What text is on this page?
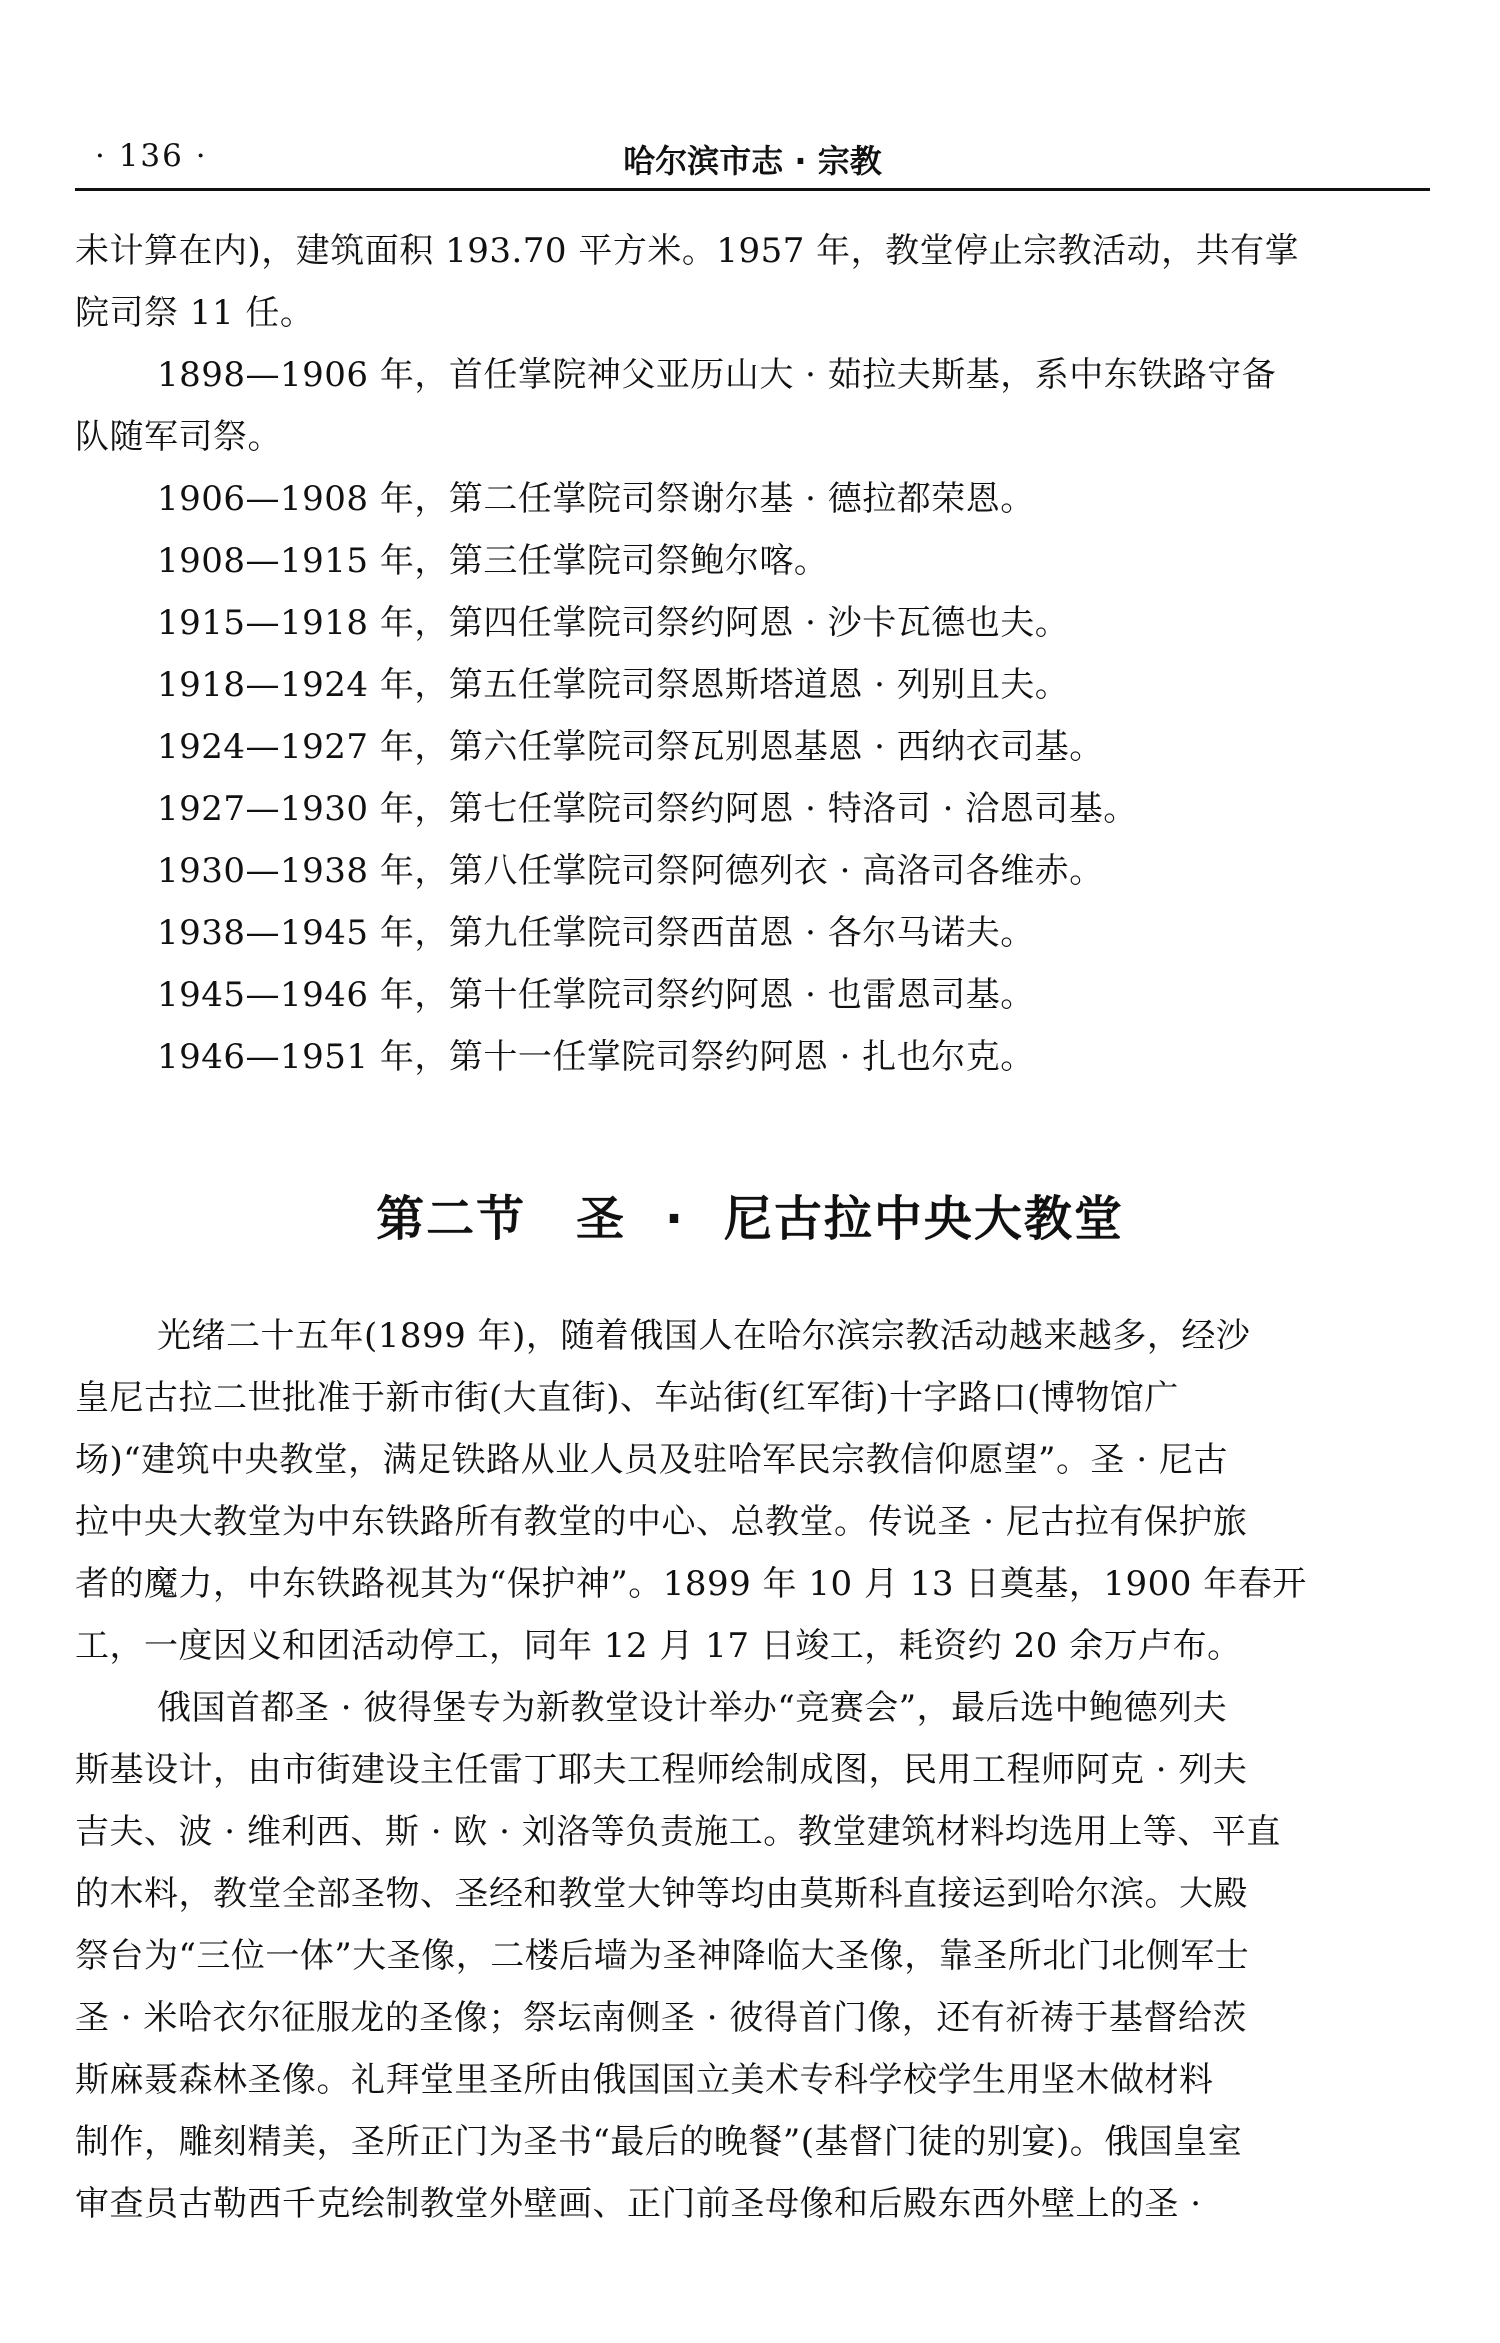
· 136 ·	哈尔滨市志 · 宗教
未计算在内)，建筑面积 193.70 平方米。1957 年，教堂停止宗教活动，共有掌
院司祭 11 任。
1898—1906 年，首任掌院神父亚历山大 · 茹拉夫斯基，系中东铁路守备
队随军司祭。
1906—1908 年，第二任掌院司祭谢尔基 · 德拉都荣恩。
1908—1915 年，第三任掌院司祭鲍尔喀。
1915—1918 年，第四任掌院司祭约阿恩 · 沙卡瓦德也夫。
1918—1924 年，第五任掌院司祭恩斯塔道恩 · 列别且夫。
1924—1927 年，第六任掌院司祭瓦别恩基恩 · 西纳衣司基。
1927—1930 年，第七任掌院司祭约阿恩 · 特洛司 · 洽恩司基。
1930—1938 年，第八任掌院司祭阿德列衣 · 高洛司各维赤。
1938—1945 年，第九任掌院司祭西苗恩 · 各尔马诺夫。
1945—1946 年，第十任掌院司祭约阿恩 · 也雷恩司基。
1946—1951 年，第十一任掌院司祭约阿恩 · 扎也尔克。
第二节　圣 · 尼古拉中央大教堂
光绪二十五年(1899 年)，随着俄国人在哈尔滨宗教活动越来越多，经沙
皇尼古拉二世批准于新市街(大直街)、车站街(红军街)十字路口(博物馆广
场)“建筑中央教堂，满足铁路从业人员及驻哈军民宗教信仰愿望”。圣 · 尼古
拉中央大教堂为中东铁路所有教堂的中心、总教堂。传说圣 · 尼古拉有保护旅
者的魔力，中东铁路视其为“保护神”。1899 年 10 月 13 日奠基，1900 年春开
工，一度因义和团活动停工，同年 12 月 17 日竣工，耗资约 20 余万卢布。
俄国首都圣 · 彼得堡专为新教堂设计举办“竞赛会”，最后选中鲍德列夫
斯基设计，由市街建设主任雷丁耶夫工程师绘制成图，民用工程师阿克 · 列夫
吉夫、波 · 维利西、斯 · 欧 · 刘洛等负责施工。教堂建筑材料均选用上等、平直
的木料，教堂全部圣物、圣经和教堂大钟等均由莫斯科直接运到哈尔滨。大殿
祭台为“三位一体”大圣像，二楼后墙为圣神降临大圣像，靠圣所北门北侧军士
圣 · 米哈衣尔征服龙的圣像；祭坛南侧圣 · 彼得首门像，还有祈祷于基督给茨
斯麻聂森林圣像。礼拜堂里圣所由俄国国立美术专科学校学生用坚木做材料
制作，雕刻精美，圣所正门为圣书“最后的晚餐”(基督门徒的别宴)。俄国皇室
审查员古勒西千克绘制教堂外壁画、正门前圣母像和后殿东西外壁上的圣 ·
